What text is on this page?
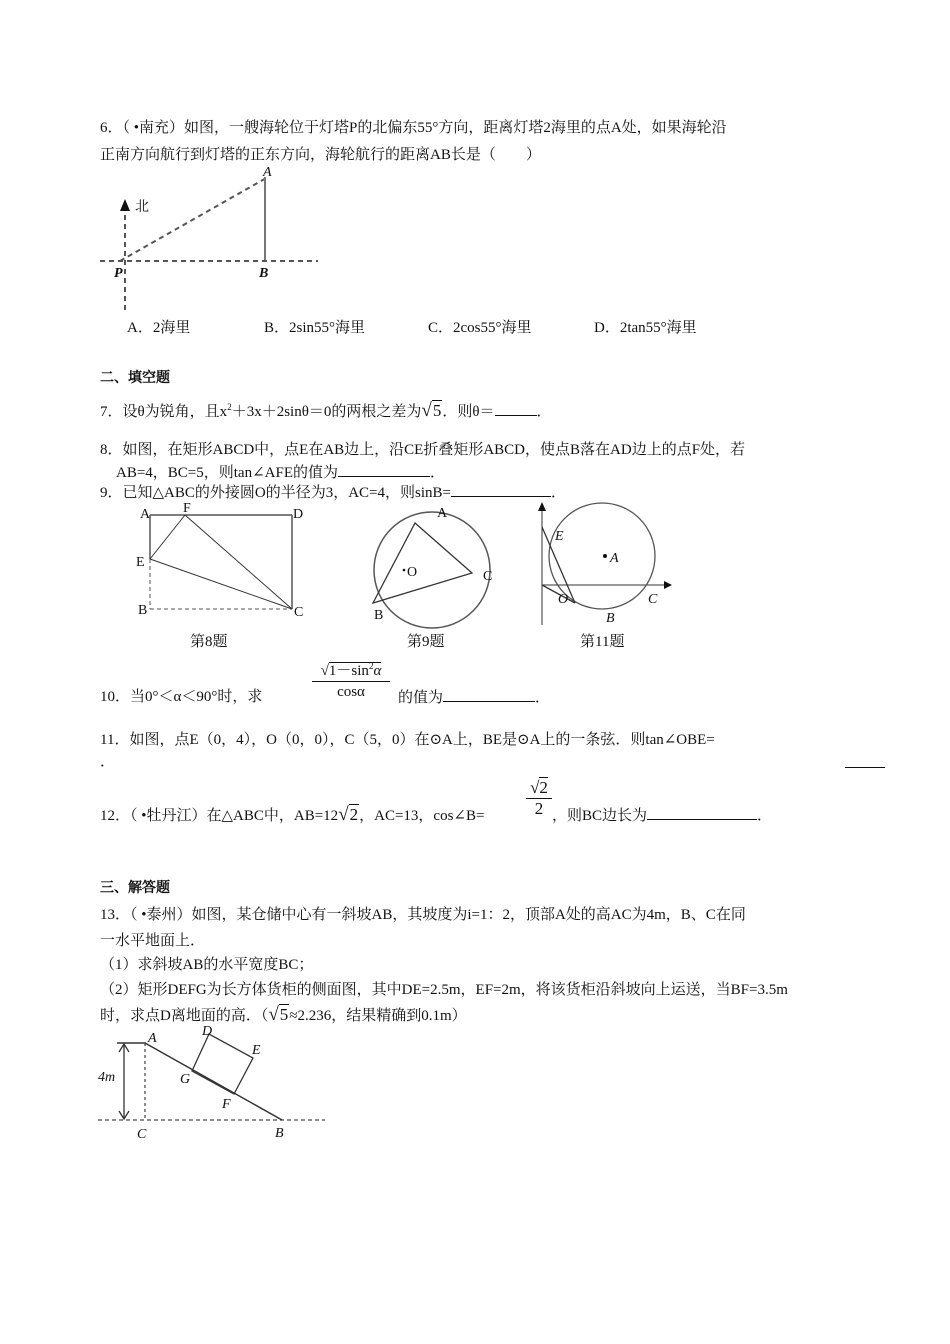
6．（ •南充）如图，一艘海轮位于灯塔P的北偏东55°方向，距离灯塔2海里的点A处，如果海轮沿
正南方向航行到灯塔的正东方向，海轮航行的距离AB长是（　　）
北
A
P	B
A．2海里	B．2sin55°海里	C．2cos55°海里	D．2tan55°海里
二、填空题
7．设θ为锐角，且$x^2+3x+2\sin\theta=0$的两根之差为√5．则θ＝	．
8．如图，在矩形ABCD中，点E在AB边上，沿CE折叠矩形ABCD，使点B落在AD边上的点F处，若
AB=4，BC=5，则tan∠AFE的值为	．
9．已知△ABC的外接圆O的半径为3，AC=4，则sinB=	．
A F	D
E
B	C
A
O	C
B
E
A
O	C
B
第8题	第9题	第11题
10．当0°＜α＜90°时，求	$\frac{√1-\sin^2\alpha}{\cos\alpha}$ 的值为	．
11．如图，点E（0，4），O（0，0），C（5，0）在⊙A上，BE是⊙A上的一条弦．则tan∠OBE=
．
12．（ •牡丹江）在△ABC中，AB=12√2，AC=13，cos∠B= $\frac{√2}{2}$ ，则BC边长为	．
三、解答题
13．（ •泰州）如图，某仓储中心有一斜坡AB，其坡度为i=1：2，顶部A处的高AC为4m，B、C在同
一水平地面上．
（1）求斜坡AB的水平宽度BC；
（2）矩形DEFG为长方体货柜的侧面图，其中DE=2.5m，EF=2m，将该货柜沿斜坡向上运送，当BF=3.5m
时，求点D离地面的高．（√5≈2.236，结果精确到0.1m）
A	D
E
G
F
C	B
4m
